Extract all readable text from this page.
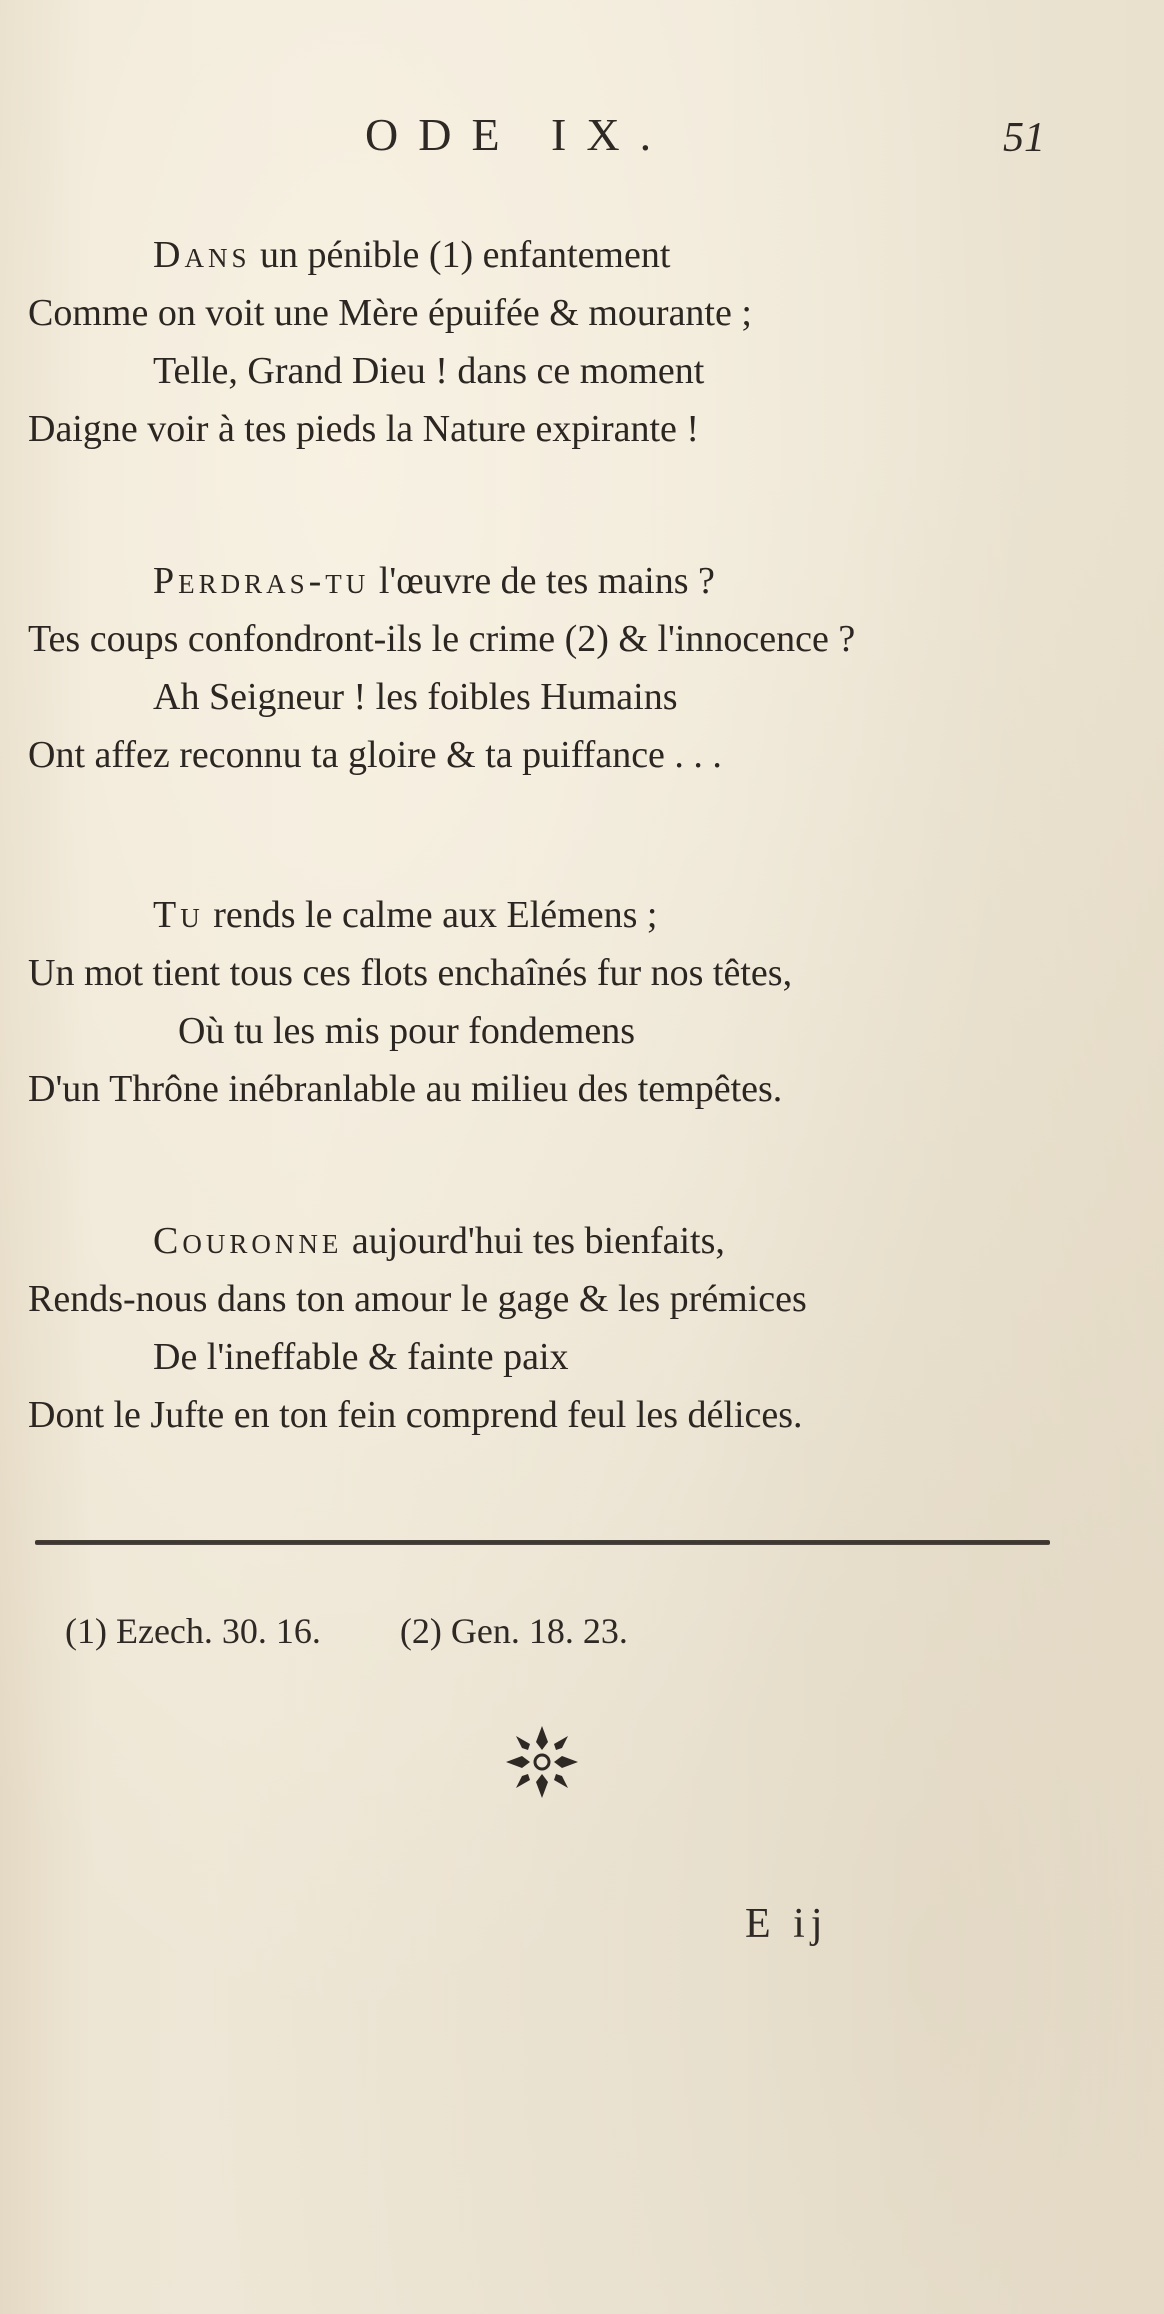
ODE IX.	51
Dans un pénible (1) enfantement
Comme on voit une Mère épuifée & mourante ;
Telle, Grand Dieu ! dans ce moment
Daigne voir à tes pieds la Nature expirante !
Perdras-tu l'œuvre de tes mains ?
Tes coups confondront-ils le crime (2) & l'innocence ?
Ah Seigneur ! les foibles Humains
Ont affez reconnu ta gloire & ta puiffance . . .
Tu rends le calme aux Elémens ;
Un mot tient tous ces flots enchaînés fur nos têtes,
Où tu les mis pour fondemens
D'un Thrône inébranlable au milieu des tempêtes.
Couronne aujourd'hui tes bienfaits,
Rends-nous dans ton amour le gage & les prémices
De l'ineffable & fainte paix
Dont le Jufte en ton fein comprend feul les délices.
(1) Ezech. 30. 16. (2) Gen. 18. 23.
E ij
